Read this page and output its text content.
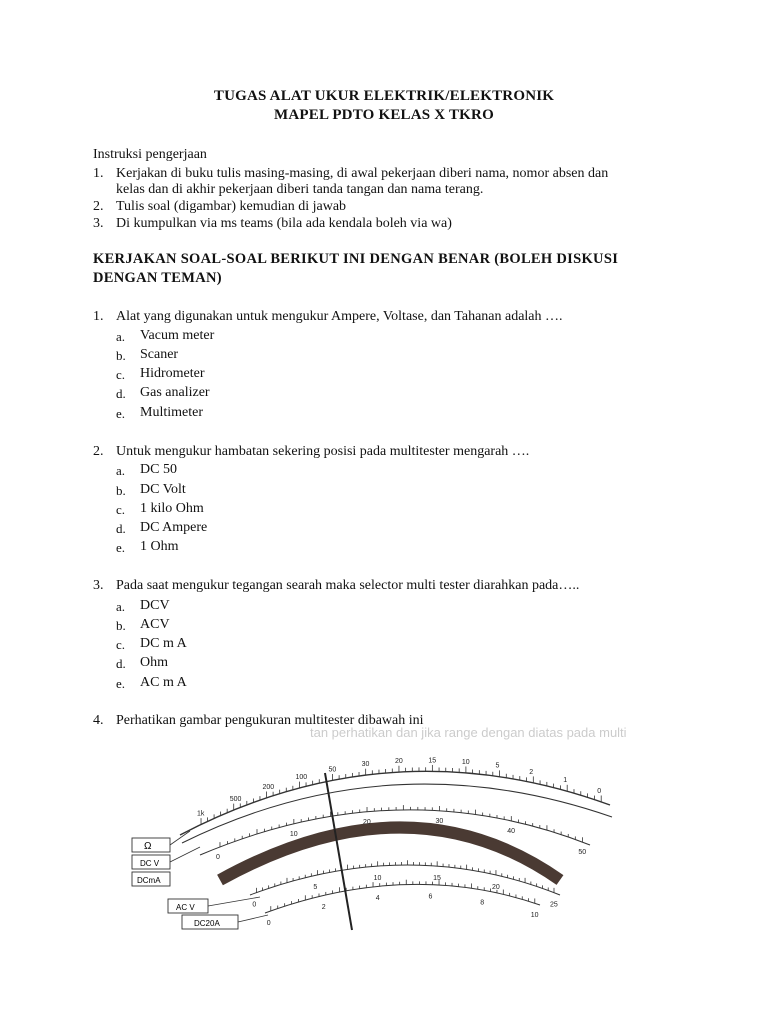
TUGAS ALAT UKUR ELEKTRIK/ELEKTRONIK
MAPEL PDTO KELAS X TKRO
Instruksi pengerjaan
1. Kerjakan di buku tulis masing-masing, di awal pekerjaan diberi nama, nomor absen dan
kelas dan di akhir pekerjaan diberi tanda tangan dan nama terang.
2. Tulis soal (digambar) kemudian di jawab
3. Di kumpulkan via ms teams (bila ada kendala boleh via wa)
KERJAKAN SOAL-SOAL BERIKUT INI DENGAN BENAR (BOLEH DISKUSI DENGAN TEMAN)
1. Alat yang digunakan untuk mengukur Ampere, Voltase, dan Tahanan adalah ….
a. Vacum meter
b. Scaner
c. Hidrometer
d. Gas analizer
e. Multimeter
2. Untuk mengukur hambatan sekering posisi pada multitester mengarah ….
a. DC 50
b. DC Volt
c. 1 kilo Ohm
d. DC Ampere
e. 1 Ohm
3. Pada saat mengukur tegangan searah maka selector multi tester diarahkan pada…..
a. DCV
b. ACV
c. DC m A
d. Ohm
e. AC m A
4. Perhatikan gambar pengukuran multitester dibawah ini
tan perhatikan dan jika range dengan diatas pada multi
Ω
DC V
DCmA
AC V
DC20A
1k
500
200
100
50
30	20	15	10
5
2
1
0
0
10
20	30
40
50
0
5
10	15
20
25
0
2
4	6
8
10
